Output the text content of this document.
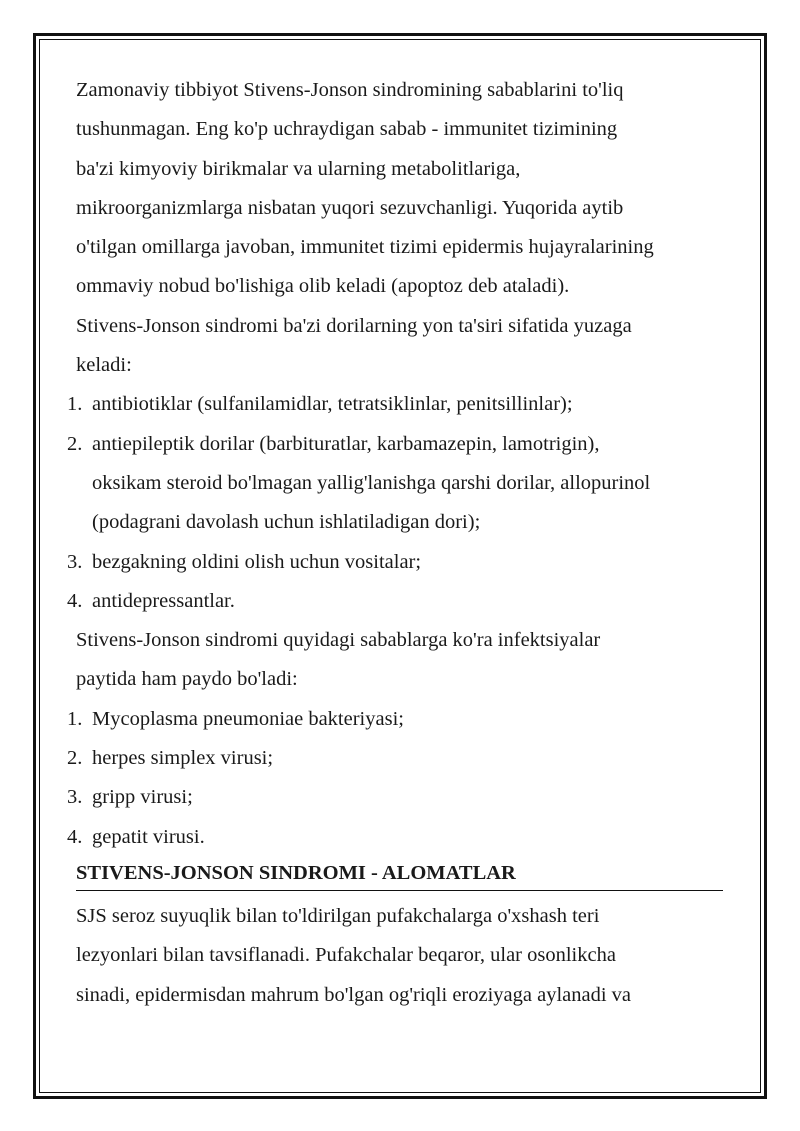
Zamonaviy tibbiyot Stivens-Jonson sindromining sabablarini to'liq
tushunmagan. Eng ko'p uchraydigan sabab - immunitet tizimining
ba'zi kimyoviy birikmalar va ularning metabolitlariga,
mikroorganizmlarga nisbatan yuqori sezuvchanligi. Yuqorida aytib
o'tilgan omillarga javoban, immunitet tizimi epidermis hujayralarining
ommaviy nobud bo'lishiga olib keladi (apoptoz deb ataladi).
Stivens-Jonson sindromi ba'zi dorilarning yon ta'siri sifatida yuzaga
keladi:
1. antibiotiklar (sulfanilamidlar, tetratsiklinlar, penitsillinlar);
2. antiepileptik dorilar (barbituratlar, karbamazepin, lamotrigin),
oksikam steroid bo'lmagan yallig'lanishga qarshi dorilar, allopurinol
(podagrani davolash uchun ishlatiladigan dori);
3. bezgakning oldini olish uchun vositalar;
4. antidepressantlar.
Stivens-Jonson sindromi quyidagi sabablarga ko'ra infektsiyalar
paytida ham paydo bo'ladi:
1. Mycoplasma pneumoniae bakteriyasi;
2. herpes simplex virusi;
3. gripp virusi;
4. gepatit virusi.
STIVENS-JONSON SINDROMI - ALOMATLAR
SJS seroz suyuqlik bilan to'ldirilgan pufakchalarga o'xshash teri
lezyonlari bilan tavsiflanadi. Pufakchalar beqaror, ular osonlikcha
sinadi, epidermisdan mahrum bo'lgan og'riqli eroziyaga aylanadi va
